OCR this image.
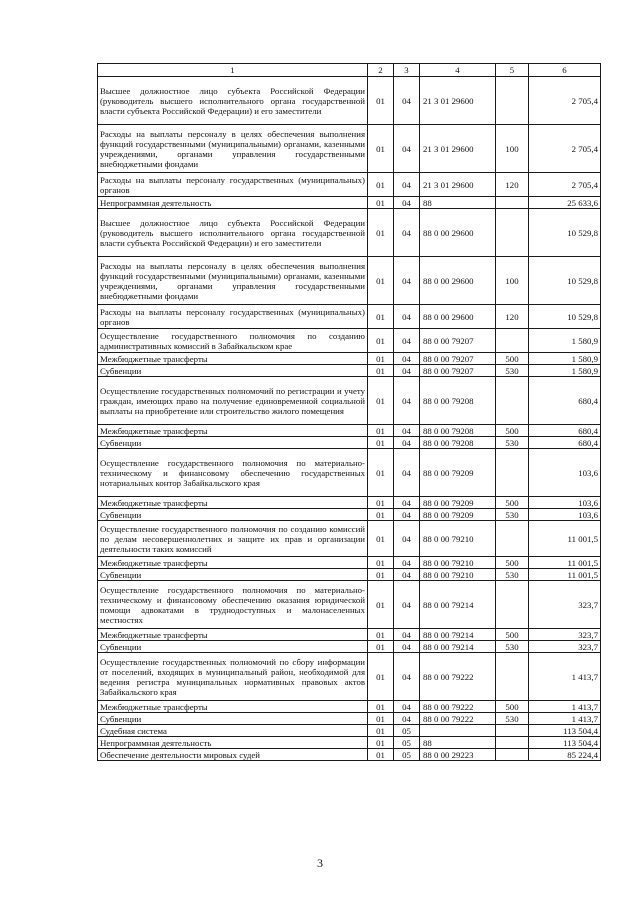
1	2	3	4	5	6
Высшее должностное лицо субъекта Российской Федерации (руководитель высшего исполнительного органа государственной власти субъекта Российской Федерации) и его заместители	01	04	21 3 01 29600		2 705,4
Расходы на выплаты персоналу в целях обеспечения выполнения функций государственными (муниципальными) органами, казенными учреждениями, органами управления государственными внебюджетными фондами	01	04	21 3 01 29600	100	2 705,4
Расходы на выплаты персоналу государственных (муниципальных) органов	01	04	21 3 01 29600	120	2 705,4
Непрограммная деятельность	01	04	88		25 633,6
Высшее должностное лицо субъекта Российской Федерации (руководитель высшего исполнительного органа государственной власти субъекта Российской Федерации) и его заместители	01	04	88 0 00 29600		10 529,8
Расходы на выплаты персоналу в целях обеспечения выполнения функций государственными (муниципальными) органами, казенными учреждениями, органами управления государственными внебюджетными фондами	01	04	88 0 00 29600	100	10 529,8
Расходы на выплаты персоналу государственных (муниципальных) органов	01	04	88 0 00 29600	120	10 529,8
Осуществление государственного полномочия по созданию административных комиссий в Забайкальском крае	01	04	88 0 00 79207		1 580,9
Межбюджетные трансферты	01	04	88 0 00 79207	500	1 580,9
Субвенции	01	04	88 0 00 79207	530	1 580,9
Осуществление государственных полномочий по регистрации и учету граждан, имеющих право на получение единовременной социальной выплаты на приобретение или строительство жилого помещения	01	04	88 0 00 79208		680,4
Межбюджетные трансферты	01	04	88 0 00 79208	500	680,4
Субвенции	01	04	88 0 00 79208	530	680,4
Осуществление государственного полномочия по материально-техническому и финансовому обеспечению государственных нотариальных контор Забайкальского края	01	04	88 0 00 79209		103,6
Межбюджетные трансферты	01	04	88 0 00 79209	500	103,6
Субвенции	01	04	88 0 00 79209	530	103,6
Осуществление государственного полномочия по созданию комиссий по делам несовершеннолетних и защите их прав и организации деятельности таких комиссий	01	04	88 0 00 79210		11 001,5
Межбюджетные трансферты	01	04	88 0 00 79210	500	11 001,5
Субвенции	01	04	88 0 00 79210	530	11 001,5
Осуществление государственного полномочия по материально-техническому и финансовому обеспечению оказания юридической помощи адвокатами в труднодоступных и малонаселенных местностях	01	04	88 0 00 79214		323,7
Межбюджетные трансферты	01	04	88 0 00 79214	500	323,7
Субвенции	01	04	88 0 00 79214	530	323,7
Осуществление государственных полномочий по сбору информации от поселений, входящих в муниципальный район, необходимой для ведения регистра муниципальных нормативных правовых актов Забайкальского края	01	04	88 0 00 79222		1 413,7
Межбюджетные трансферты	01	04	88 0 00 79222	500	1 413,7
Субвенции	01	04	88 0 00 79222	530	1 413,7
Судебная система	01	05			113 504,4
Непрограммная деятельность	01	05	88		113 504,4
Обеспечение деятельности мировых судей	01	05	88 0 00 29223		85 224,4
3
